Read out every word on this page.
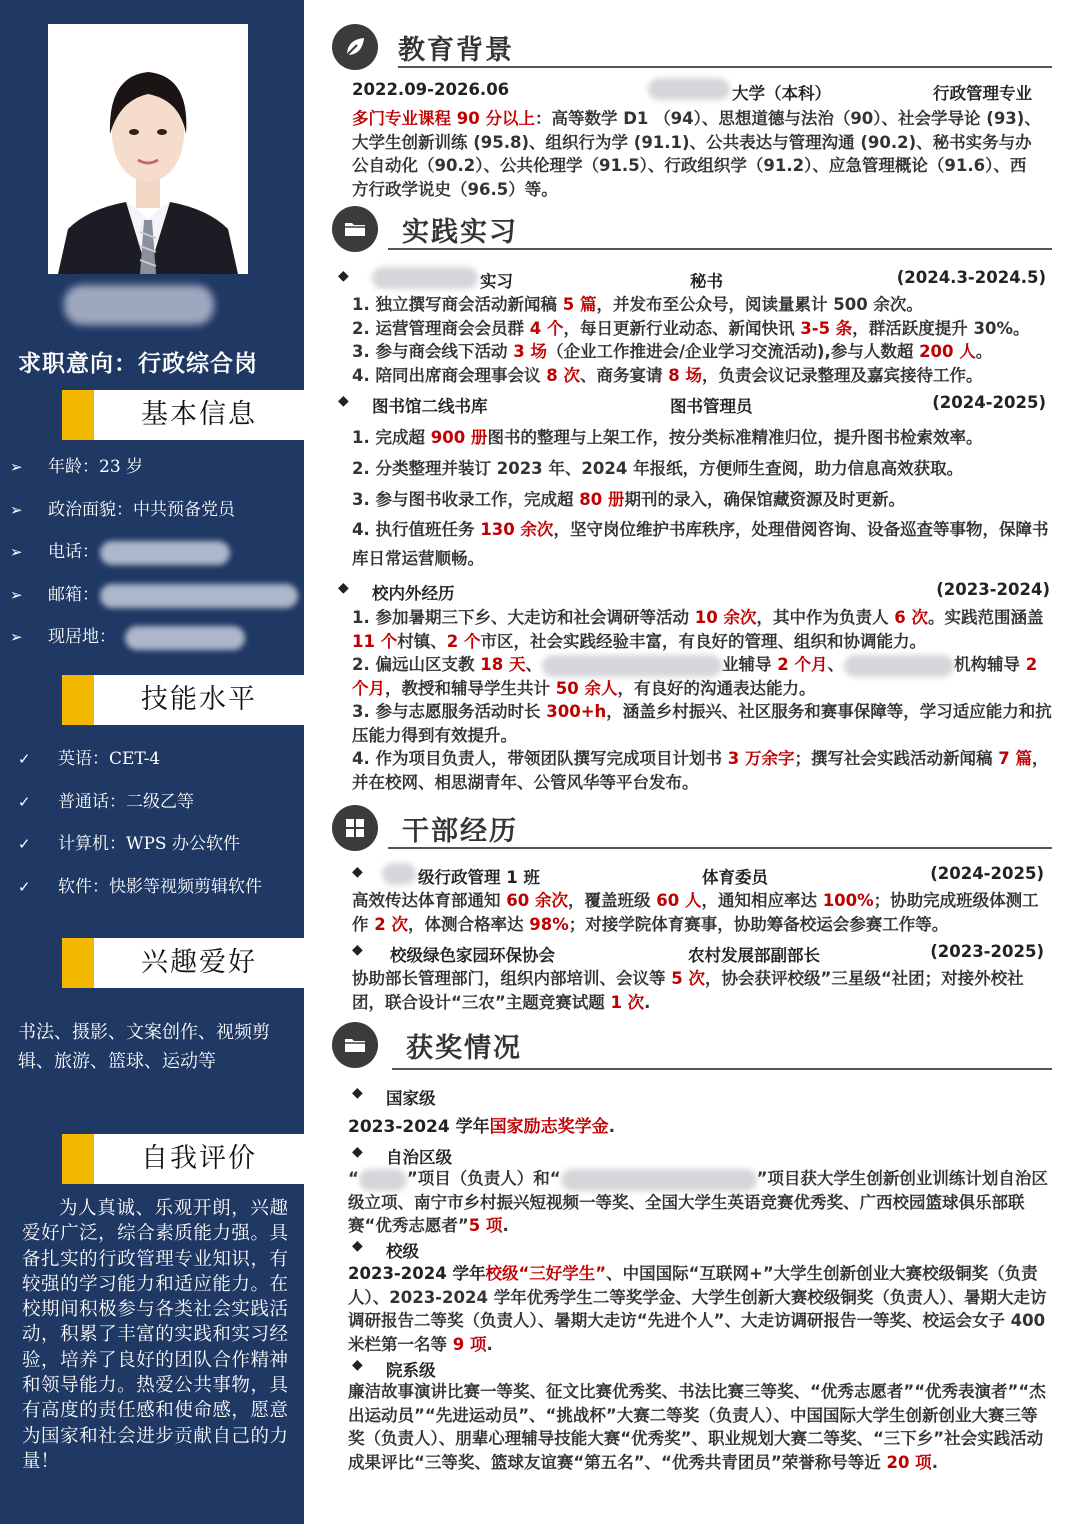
求职意向：行政综合岗
基本信息
➢ 年龄：23 岁
➢ 政治面貌：中共预备党员
➢ 电话：
➢ 邮箱：
➢ 现居地：
技能水平
✓ 英语：CET-4
✓ 普通话：二级乙等
✓ 计算机：WPS 办公软件
✓ 软件：快影等视频剪辑软件
兴趣爱好
书法、摄影、文案创作、视频剪辑、旅游、篮球、运动等
自我评价
为人真诚、乐观开朗，兴趣爱好广泛，综合素质能力强。具备扎实的行政管理专业知识，有较强的学习能力和适应能力。在校期间积极参与各类社会实践活动，积累了丰富的实践和实习经验，培养了良好的团队合作精神和领导能力。热爱公共事物，具有高度的责任感和使命感，愿意为国家和社会进步贡献自己的力量！
教育背景
2022.09-2026.06	大学（本科）	行政管理专业
多门专业课程 90 分以上：高等数学 D1 （94）、思想道德与法治（90）、社会学导论 (93)、大学生创新训练 (95.8)、组织行为学 (91.1)、公共表达与管理沟通 (90.2)、秘书实务与办公自动化（90.2）、公共伦理学（91.5）、行政组织学（91.2）、应急管理概论（91.6）、西方行政学说史（96.5）等。
实践实习
◆	实习	秘书	(2024.3-2024.5)
1. 独立撰写商会活动新闻稿 5 篇，并发布至公众号，阅读量累计 500 余次。
2. 运营管理商会会员群 4 个，每日更新行业动态、新闻快讯 3-5 条，群活跃度提升 30%。
3. 参与商会线下活动 3 场（企业工作推进会/企业学习交流活动),参与人数超 200 人。
4. 陪同出席商会理事会议 8 次、商务宴请 8 场，负责会议记录整理及嘉宾接待工作。
◆ 图书馆二线书库	图书管理员	(2024-2025)
1. 完成超 900 册图书的整理与上架工作，按分类标准精准归位，提升图书检索效率。
2. 分类整理并装订 2023 年、2024 年报纸，方便师生查阅，助力信息高效获取。
3. 参与图书收录工作，完成超 80 册期刊的录入，确保馆藏资源及时更新。
4. 执行值班任务 130 余次，坚守岗位维护书库秩序，处理借阅咨询、设备巡查等事物，保障书库日常运营顺畅。
◆ 校内外经历	(2023-2024)
1. 参加暑期三下乡、大走访和社会调研等活动 10 余次，其中作为负责人 6 次。实践范围涵盖 11 个村镇、2 个市区，社会实践经验丰富，有良好的管理、组织和协调能力。
2. 偏远山区支教 18 天、	业辅导 2 个月、	机构辅导 2 个月，教授和辅导学生共计 50 余人，有良好的沟通表达能力。
3. 参与志愿服务活动时长 300+h，涵盖乡村振兴、社区服务和赛事保障等，学习适应能力和抗压能力得到有效提升。
4. 作为项目负责人，带领团队撰写完成项目计划书 3 万余字；撰写社会实践活动新闻稿 7 篇，并在校网、相思湖青年、公管风华等平台发布。
干部经历
◆	级行政管理 1 班	体育委员	(2024-2025)
高效传达体育部通知 60 余次，覆盖班级 60 人，通知相应率达 100%；协助完成班级体测工作 2 次，体测合格率达 98%；对接学院体育赛事，协助筹备校运会参赛工作等。
◆ 校级绿色家园环保协会	农村发展部副部长	(2023-2025)
协助部长管理部门，组织内部培训、会议等 5 次，协会获评校级”三星级“社团；对接外校社团，联合设计“三农”主题竞赛试题 1 次.
获奖情况
◆ 国家级
2023-2024 学年国家励志奖学金.
◆ 自治区级
“	”项目（负责人）和“	”项目获大学生创新创业训练计划自治区级立项、南宁市乡村振兴短视频一等奖、全国大学生英语竞赛优秀奖、广西校园篮球俱乐部联赛“优秀志愿者”5 项.
◆ 校级
2023-2024 学年校级“三好学生”、中国国际“互联网+”大学生创新创业大赛校级铜奖（负责人）、2023-2024 学年优秀学生二等奖学金、大学生创新大赛校级铜奖（负责人）、暑期大走访调研报告二等奖（负责人）、暑期大走访“先进个人”、大走访调研报告一等奖、校运会女子 400 米栏第一名等 9 项.
◆ 院系级
廉洁故事演讲比赛一等奖、征文比赛优秀奖、书法比赛三等奖、“优秀志愿者”“优秀表演者”“杰出运动员”“先进运动员”、“挑战杯”大赛二等奖（负责人）、中国国际大学生创新创业大赛三等奖（负责人）、朋辈心理辅导技能大赛“优秀奖”、职业规划大赛二等奖、“三下乡”社会实践活动成果评比“三等奖、篮球友谊赛“第五名”、“优秀共青团员”荣誉称号等近 20 项.
